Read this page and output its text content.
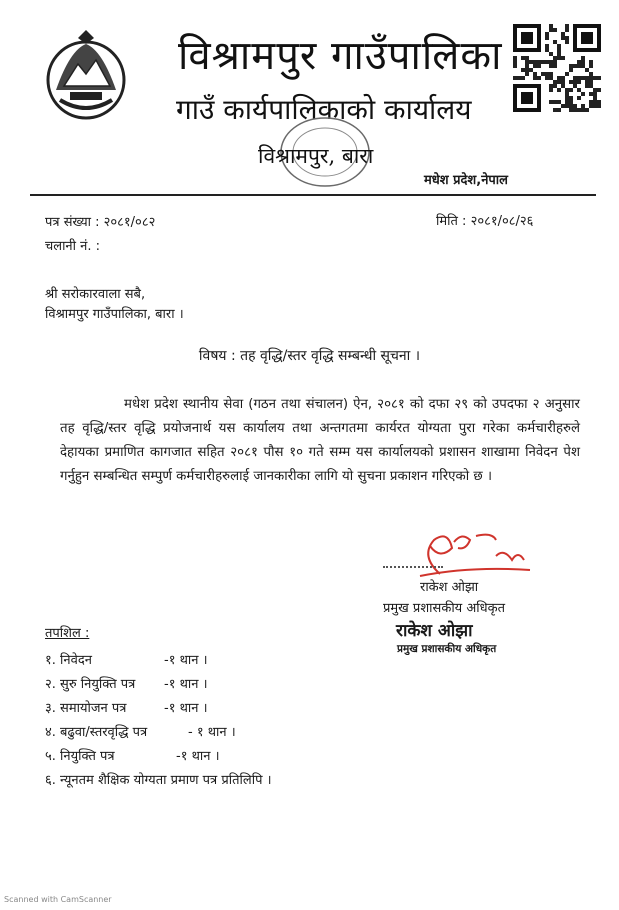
विश्रामपुर गाउँपालिका
गाउँ कार्यपालिकाको कार्यालय
विश्रामपुर, बारा
मधेश प्रदेश,नेपाल
पत्र संख्या : २०८१/०८२
चलानी नं. :
मिति : २०८१/०८/२६
श्री सरोकारवाला सबै,
विश्रामपुर गाउँपालिका, बारा ।
विषय : तह वृद्धि/स्तर वृद्धि सम्बन्धी सूचना ।

मधेश प्रदेश स्थानीय सेवा (गठन तथा संचालन) ऐन, २०८१ को दफा २९ को उपदफा २ अनुसार तह वृद्धि/स्तर वृद्धि प्रयोजनार्थ यस कार्यालय तथा अन्तगतमा कार्यरत योग्यता पुरा गरेका कर्मचारीहरुले देहायका प्रमाणित कागजात सहित २०८१ पौस १० गते सम्म यस कार्यालयको प्रशासन शाखामा निवेदन पेश गर्नुहुन सम्बन्धित सम्पुर्ण कर्मचारीहरुलाई जानकारीका लागि यो सुचना प्रकाशन गरिएको छ ।

राकेश ओझा
प्रमुख प्रशासकीय अधिकृत
राकेश ओझा
प्रमुख प्रशासकीय अधिकृत
तपशिल :
१. निवेदन	-१ थान ।
२. सुरु नियुक्ति पत्र -१ थान ।
३. समायोजन पत्र	-१ थान ।
४. बढुवा/स्तरवृद्धि पत्र	- १ थान ।
५. नियुक्ति पत्र	-१ थान ।
६. न्यूनतम शैक्षिक योग्यता प्रमाण पत्र प्रतिलिपि ।
Scanned with CamScanner
